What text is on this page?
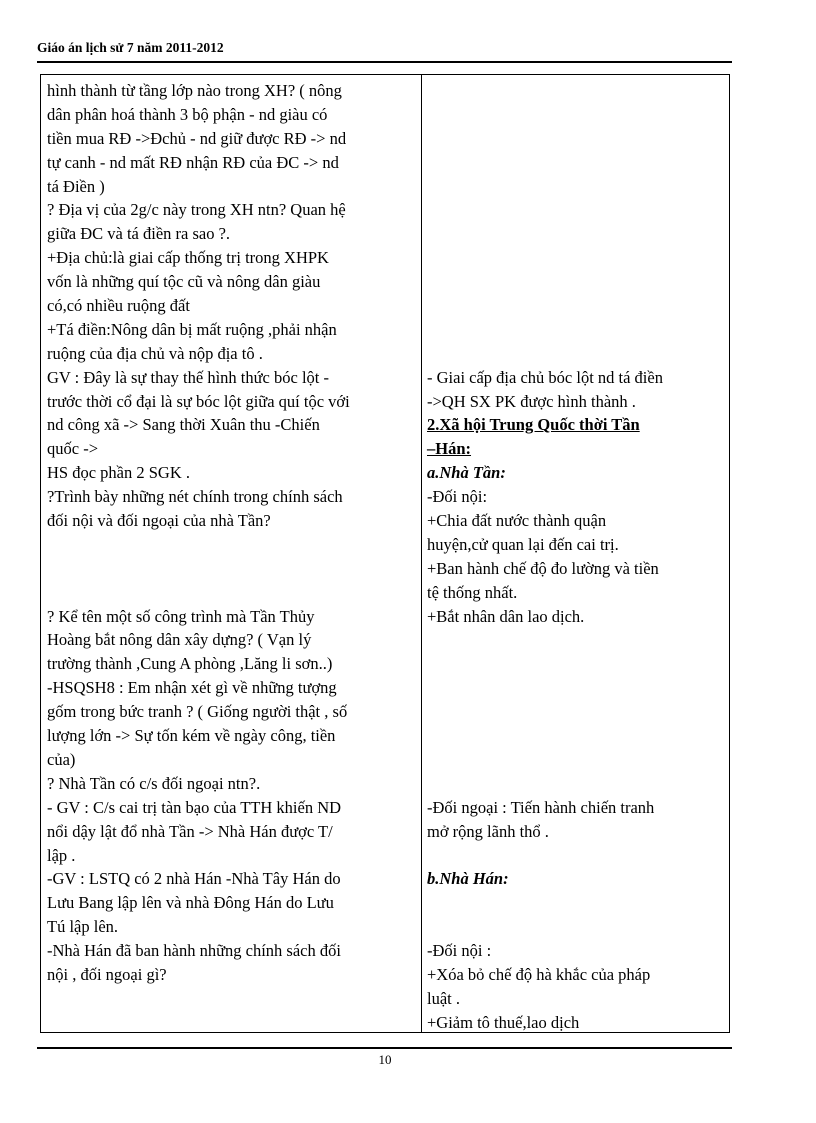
Giáo án lịch sử 7 năm 2011-2012
hình thành từ tầng lớp nào trong XH? ( nông
dân phân hoá thành 3 bộ phận - nd giàu có
tiền mua RĐ ->Đchủ - nd giữ được RĐ -> nd
tự canh - nd mất RĐ nhận RĐ của ĐC -> nd
tá Điền )
? Địa vị của 2g/c này trong XH ntn? Quan hệ
giữa ĐC và tá điền ra sao ?.
+Địa chủ:là giai cấp thống trị trong XHPK
vốn là những quí tộc cũ và nông dân giàu
có,có nhiều ruộng đất
+Tá điền:Nông dân bị mất ruộng ,phải nhận
ruộng của địa chủ và nộp địa tô .
GV : Đây là sự thay thế hình thức bóc lột -
trước thời cổ đại là sự bóc lột giữa quí tộc với
nd công xã -> Sang thời Xuân thu -Chiến
quốc ->
HS đọc phần 2 SGK .
?Trình bày những nét chính trong chính sách
đối nội và đối ngoại của nhà Tần?
? Kể tên một số công trình mà Tần Thủy
Hoàng bắt nông dân xây dựng? ( Vạn lý
trường thành ,Cung A phòng ,Lăng li sơn..)
-HSQSH8 : Em nhận xét gì về những tượng
gốm trong bức tranh ? ( Giống người thật , số
lượng lớn -> Sự tốn kém về ngày công, tiền
của)
? Nhà Tần có c/s đối ngoại ntn?.
- GV : C/s cai trị tàn bạo của TTH khiến ND
nổi dậy lật đổ nhà Tần -> Nhà Hán được T/
lập .
-GV : LSTQ có 2 nhà Hán -Nhà Tây Hán do
Lưu Bang lập lên và nhà Đông Hán do Lưu
Tú lập lên.
-Nhà Hán đã ban hành những chính sách đối
nội , đối ngoại gì?
- Giai cấp địa chủ bóc lột nd tá điền
->QH SX PK được hình thành .
2.Xã hội Trung Quốc thời Tần
–Hán:
a.Nhà Tần:
-Đối nội:
+Chia đất nước thành quận
huyện,cử quan lại đến cai trị.
+Ban hành chế độ đo lường và tiền
tệ thống nhất.
+Bắt nhân dân lao dịch.
-Đối ngoại : Tiến hành chiến tranh
mở rộng lãnh thổ .
b.Nhà Hán:
-Đối nội :
+Xóa bỏ chế độ hà khắc của pháp
luật .
+Giảm tô thuế,lao dịch
10
